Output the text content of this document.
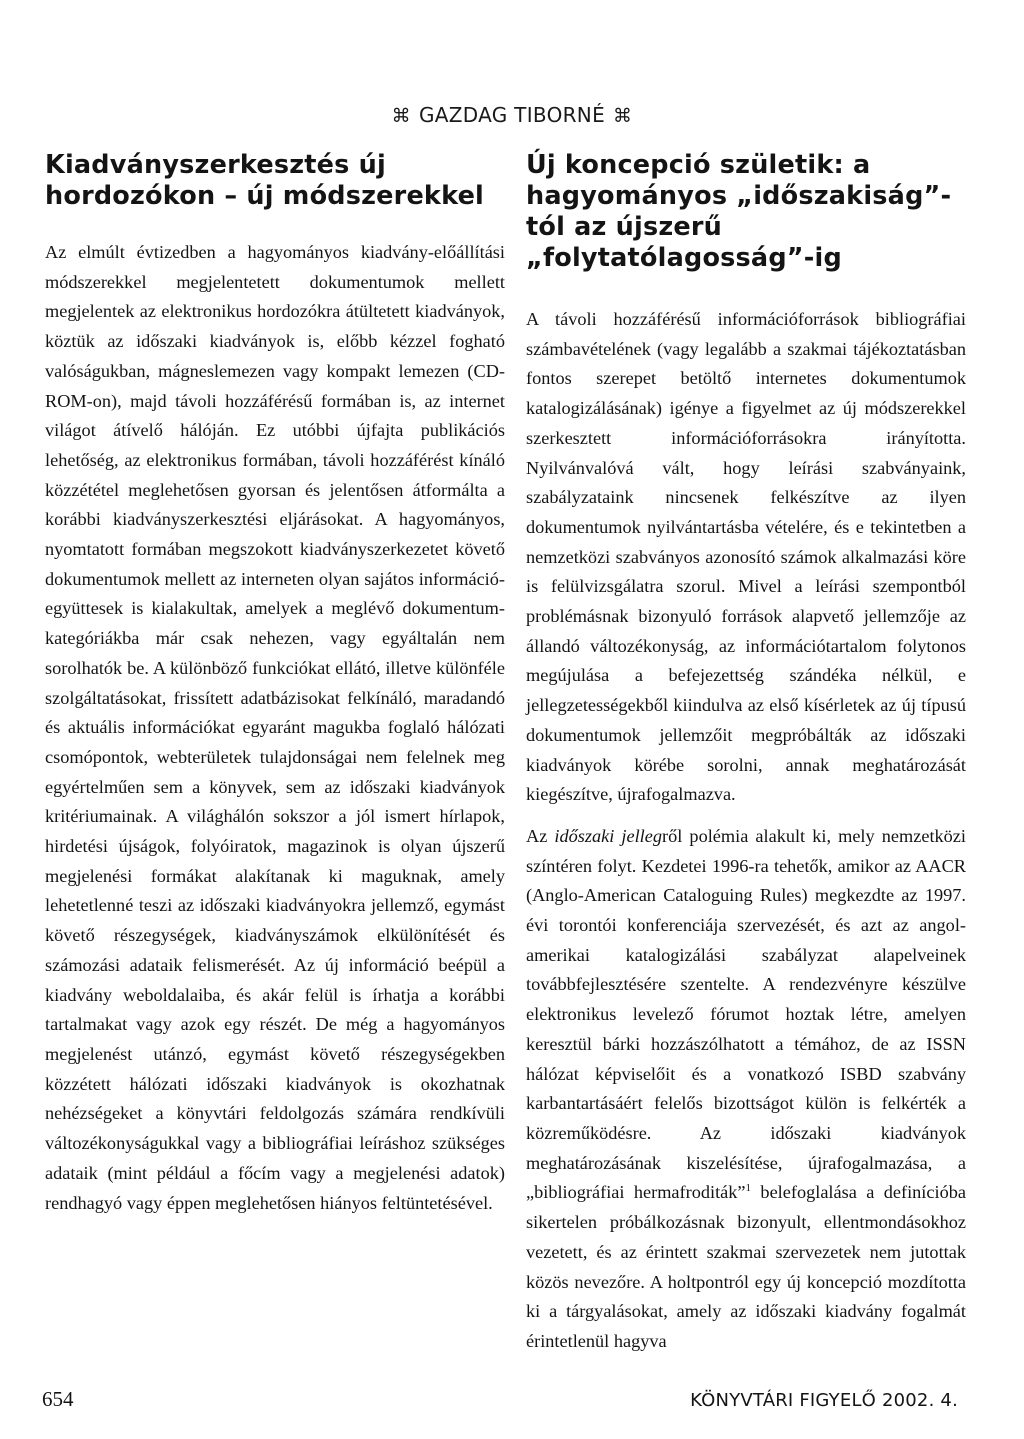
⌘ GAZDAG TIBORNÉ ⌘
Kiadványszerkesztés új hordozókon – új módszerekkel

Az elmúlt évtizedben a hagyományos kiadvány-előállítási módszerekkel megjelentetett dokumentumok mellett megjelentek az elektronikus hordozókra átültetett kiadványok, köztük az időszaki kiadványok is, előbb kézzel fogható valóságukban, mágneslemezen vagy kompakt lemezen (CD-ROM-on), majd távoli hozzáférésű formában is, az internet világot átívelő hálóján. Ez utóbbi újfajta publikációs lehetőség, az elektronikus formában, távoli hozzáférést kínáló közzététel meglehetősen gyorsan és jelentősen átformálta a korábbi kiadványszerkesztési eljárásokat. A hagyományos, nyomtatott formában megszokott kiadványszerkezetet követő dokumentumok mellett az interneten olyan sajátos információ-együttesek is kialakultak, amelyek a meglévő dokumentum-kategóriákba már csak nehezen, vagy egyáltalán nem sorolhatók be. A különböző funkciókat ellátó, illetve különféle szolgáltatásokat, frissített adatbázisokat felkínáló, maradandó és aktuális információkat egyaránt magukba foglaló hálózati csomópontok, webterületek tulajdonságai nem felelnek meg egyértelműen sem a könyvek, sem az időszaki kiadványok kritériumainak. A világhálón sokszor a jól ismert hírlapok, hirdetési újságok, folyóiratok, magazinok is olyan újszerű megjelenési formákat alakítanak ki maguknak, amely lehetetlenné teszi az időszaki kiadványokra jellemző, egymást követő részegységek, kiadványszámok elkülönítését és számozási adataik felismerését. Az új információ beépül a kiadvány weboldalaiba, és akár felül is írhatja a korábbi tartalmakat vagy azok egy részét. De még a hagyományos megjelenést utánzó, egymást követő részegységekben közzétett hálózati időszaki kiadványok is okozhatnak nehézségeket a könyvtári feldolgozás számára rendkívüli változékonyságukkal vagy a bibliográfiai leíráshoz szükséges adataik (mint például a főcím vagy a megjelenési adatok) rendhagyó vagy éppen meglehetősen hiányos feltüntetésével.

Új koncepció születik: a hagyományos „időszakiság”-tól az újszerű „folytatólagosság”-ig

A távoli hozzáférésű információforrások bibliográfiai számbavételének (vagy legalább a szakmai tájékoztatásban fontos szerepet betöltő internetes dokumentumok katalogizálásának) igénye a figyelmet az új módszerekkel szerkesztett információforrásokra irányította. Nyilvánvalóvá vált, hogy leírási szabványaink, szabályzataink nincsenek felkészítve az ilyen dokumentumok nyilvántartásba vételére, és e tekintetben a nemzetközi szabványos azonosító számok alkalmazási köre is felülvizsgálatra szorul. Mivel a leírási szempontból problémásnak bizonyuló források alapvető jellemzője az állandó változékonyság, az információtartalom folytonos megújulása a befejezettség szándéka nélkül, e jellegzetességekből kiindulva az első kísérletek az új típusú dokumentumok jellemzőit megpróbálták az időszaki kiadványok körébe sorolni, annak meghatározását kiegészítve, újrafogalmazva.

Az időszaki jellegről polémia alakult ki, mely nemzetközi színtéren folyt. Kezdetei 1996-ra tehetők, amikor az AACR (Anglo-American Cataloguing Rules) megkezdte az 1997. évi torontói konferenciája szervezését, és azt az angol-amerikai katalogizálási szabályzat alapelveinek továbbfejlesztésére szentelte. A rendezvényre készülve elektronikus levelező fórumot hoztak létre, amelyen keresztül bárki hozzászólhatott a témához, de az ISSN hálózat képviselőit és a vonatkozó ISBD szabvány karbantartásáért felelős bizottságot külön is felkérték a közreműködésre. Az időszaki kiadványok meghatározásának kiszelésítése, újrafogalmazása, a „bibliográfiai hermafroditák”$^1$ belefoglalása a definícióba sikertelen próbálkozásnak bizonyult, ellentmondásokhoz vezetett, és az érintett szakmai szervezetek nem jutottak közös nevezőre. A holtpontról egy új koncepció mozdította ki a tárgyalásokat, amely az időszaki kiadvány fogalmát érintetlenül hagyva

654	KÖNYVTÁRI FIGYELŐ 2002. 4.
